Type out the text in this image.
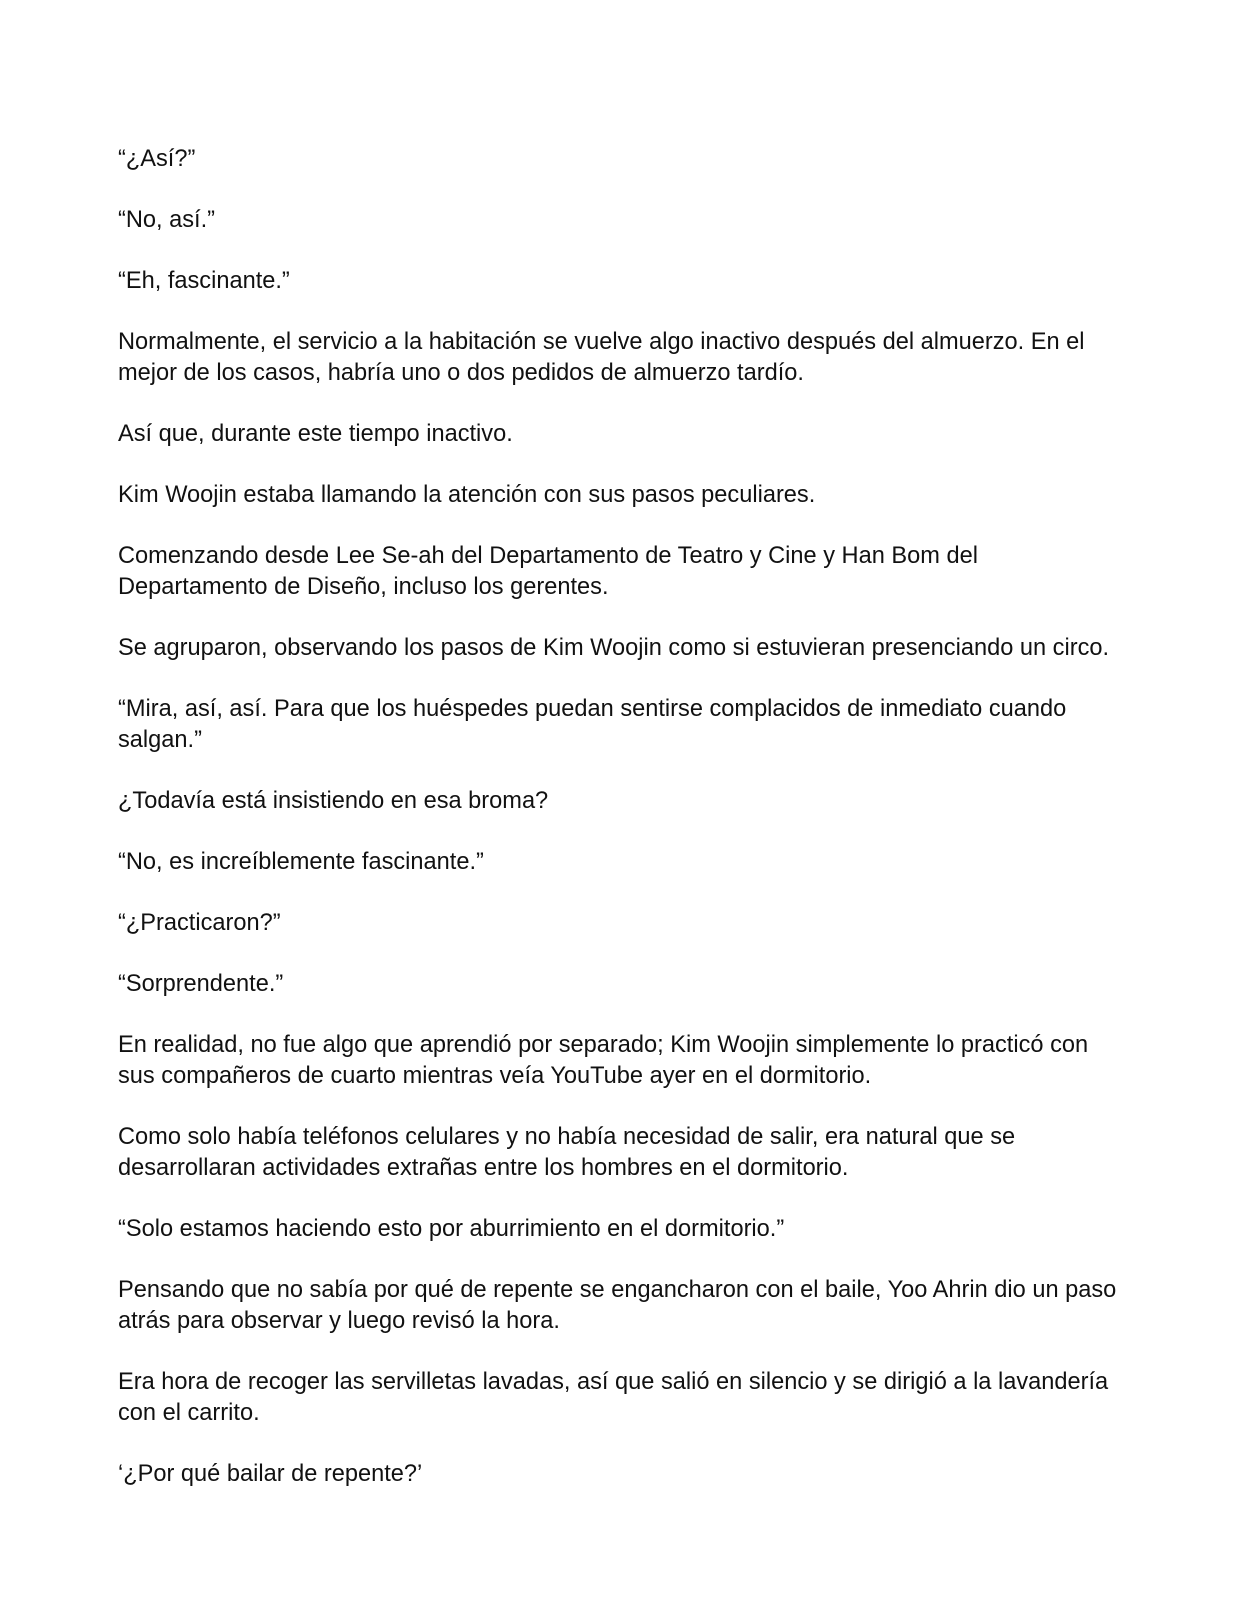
“¿Así?”

“No, así.”

“Eh, fascinante.”

Normalmente, el servicio a la habitación se vuelve algo inactivo después del almuerzo. En el mejor de los casos, habría uno o dos pedidos de almuerzo tardío.

Así que, durante este tiempo inactivo.

Kim Woojin estaba llamando la atención con sus pasos peculiares.

Comenzando desde Lee Se-ah del Departamento de Teatro y Cine y Han Bom del Departamento de Diseño, incluso los gerentes.

Se agruparon, observando los pasos de Kim Woojin como si estuvieran presenciando un circo.

“Mira, así, así. Para que los huéspedes puedan sentirse complacidos de inmediato cuando salgan.”

¿Todavía está insistiendo en esa broma?

“No, es increíblemente fascinante.”

“¿Practicaron?”

“Sorprendente.”

En realidad, no fue algo que aprendió por separado; Kim Woojin simplemente lo practicó con sus compañeros de cuarto mientras veía YouTube ayer en el dormitorio.

Como solo había teléfonos celulares y no había necesidad de salir, era natural que se desarrollaran actividades extrañas entre los hombres en el dormitorio.

“Solo estamos haciendo esto por aburrimiento en el dormitorio.”

Pensando que no sabía por qué de repente se engancharon con el baile, Yoo Ahrin dio un paso atrás para observar y luego revisó la hora.

Era hora de recoger las servilletas lavadas, así que salió en silencio y se dirigió a la lavandería con el carrito.

‘¿Por qué bailar de repente?’
